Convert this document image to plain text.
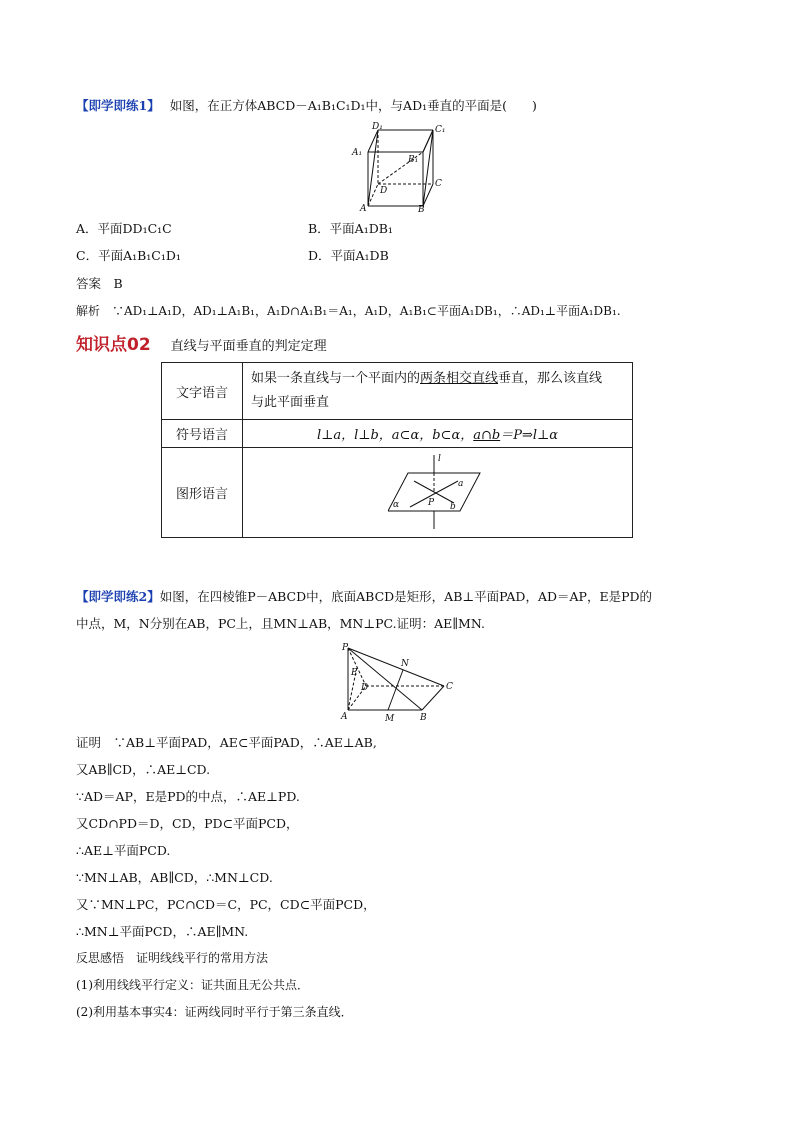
【即学即练1】 如图，在正方体ABCD－A₁B₁C₁D₁中，与AD₁垂直的平面是(　　)
D₁	C₁
A₁
B₁
D
C
A	B
A．平面DD₁C₁C	B．平面A₁DB₁
C．平面A₁B₁C₁D₁	D．平面A₁DB
答案　B
解析　∵AD₁⊥A₁D，AD₁⊥A₁B₁，A₁D∩A₁B₁＝A₁，A₁D，A₁B₁⊂平面A₁DB₁，∴AD₁⊥平面A₁DB₁.
知识点02 直线与平面垂直的判定定理
文字语言	如果一条直线与一个平面内的两条相交直线垂直，那么该直线
与此平面垂直

符号语言	l⊥a，l⊥b，a⊂α，b⊂α，a∩b＝P⇒l⊥α
图形语言	l
a
α P b
【即学即练2】如图，在四棱锥P－ABCD中，底面ABCD是矩形，AB⊥平面PAD，AD＝AP，E是PD的
中点，M，N分别在AB，PC上，且MN⊥AB，MN⊥PC.证明：AE∥MN.
P
N
E
D	C
A	M	B
证明　∵AB⊥平面PAD，AE⊂平面PAD，∴AE⊥AB,
又AB∥CD，∴AE⊥CD.
∵AD＝AP，E是PD的中点，∴AE⊥PD.
又CD∩PD＝D，CD，PD⊂平面PCD，
∴AE⊥平面PCD.
∵MN⊥AB，AB∥CD，∴MN⊥CD.
又∵MN⊥PC，PC∩CD＝C，PC，CD⊂平面PCD，
∴MN⊥平面PCD，∴AE∥MN.
反思感悟　证明线线平行的常用方法
(1)利用线线平行定义：证共面且无公共点．
(2)利用基本事实4：证两线同时平行于第三条直线．
